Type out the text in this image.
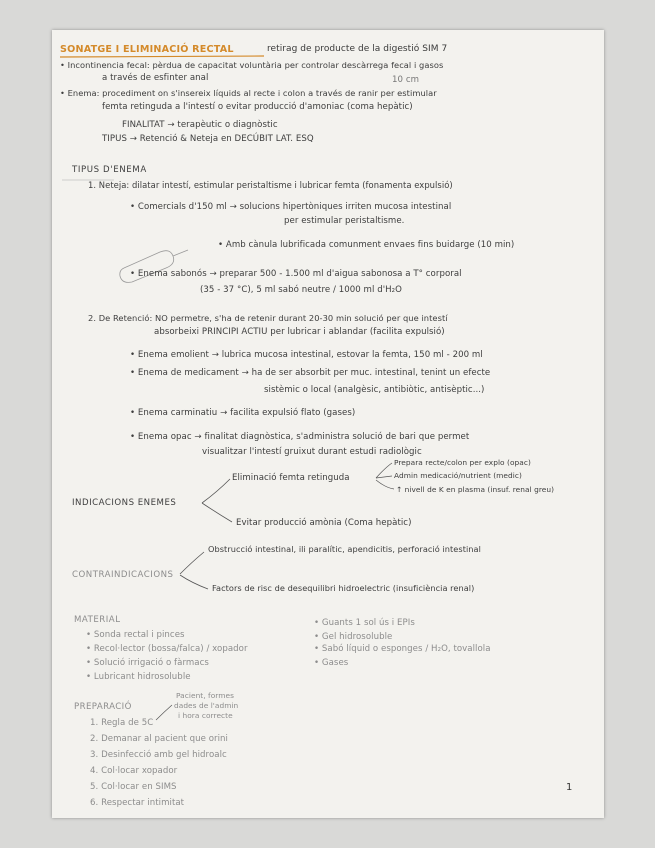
SONATGE I ELIMINACIÓ RECTAL	retirag de producte de la digestió SIM 7
• Incontinencia fecal: pèrdua de capacitat voluntària per controlar descàrrega fecal i gasos
a través de esfinter anal	10 cm
• Enema: procediment on s'insereix líquids al recte i colon a través de ranir per estimular
femta retinguda a l'intestí o evitar producció d'amoniac (coma hepàtic)
FINALITAT → terapèutic o diagnòstic
TIPUS → Retenció & Neteja en DECÚBIT LAT. ESQ
TIPUS D'ENEMA
1. Neteja: dilatar intestí, estimular peristaltisme i lubricar femta (fonamenta expulsió)
• Comercials d'150 ml → solucions hipertòniques irriten mucosa intestinal
per estimular peristaltisme.
• Amb cànula lubrificada comunment envaes fins buidarge (10 min)
• Enema sabonós → preparar 500 - 1.500 ml d'aigua sabonosa a T° corporal
(35 - 37 °C), 5 ml sabó neutre / 1000 ml d'H₂O
2. De Retenció: NO permetre, s'ha de retenir durant 20-30 min solució per que intestí
absorbeixi PRINCIPI ACTIU per lubricar i ablandar (facilita expulsió)
• Enema emolient → lubrica mucosa intestinal, estovar la femta, 150 ml - 200 ml
• Enema de medicament → ha de ser absorbit per muc. intestinal, tenint un efecte
sistèmic o local (analgèsic, antibiòtic, antisèptic...)
• Enema carminatiu → facilita expulsió flato (gases)
• Enema opac → finalitat diagnòstica, s'administra solució de bari que permet
visualitzar l'intestí gruixut durant estudi radiològic
INDICACIONS ENEMES
Eliminació femta retinguda
Prepara recte/colon per explo (opac)
Admin medicació/nutrient (medic)
↑ nivell de K en plasma (insuf. renal greu)
Evitar producció amònia (Coma hepàtic)
CONTRAINDICACIONS
Obstrucció intestinal, ili paralític, apendicitis, perforació intestinal
Factors de risc de desequilibri hidroelectric (insuficiència renal)
MATERIAL
• Sonda rectal i pinces
• Recol·lector (bossa/falca) / xopador
• Solució irrigació o fàrmacs
• Lubricant hidrosoluble
• Guants 1 sol ús i EPIs
• Gel hidrosoluble
• Sabó líquid o esponges / H₂O, tovallola
• Gases
PREPARACIÓ
Pacient, formes
dades de l'admin
i hora correcte
1. Regla de 5C
2. Demanar al pacient que orini
3. Desinfecció amb gel hidroalc
4. Col·locar xopador
5. Col·locar en SIMS
6. Respectar intimitat
1
